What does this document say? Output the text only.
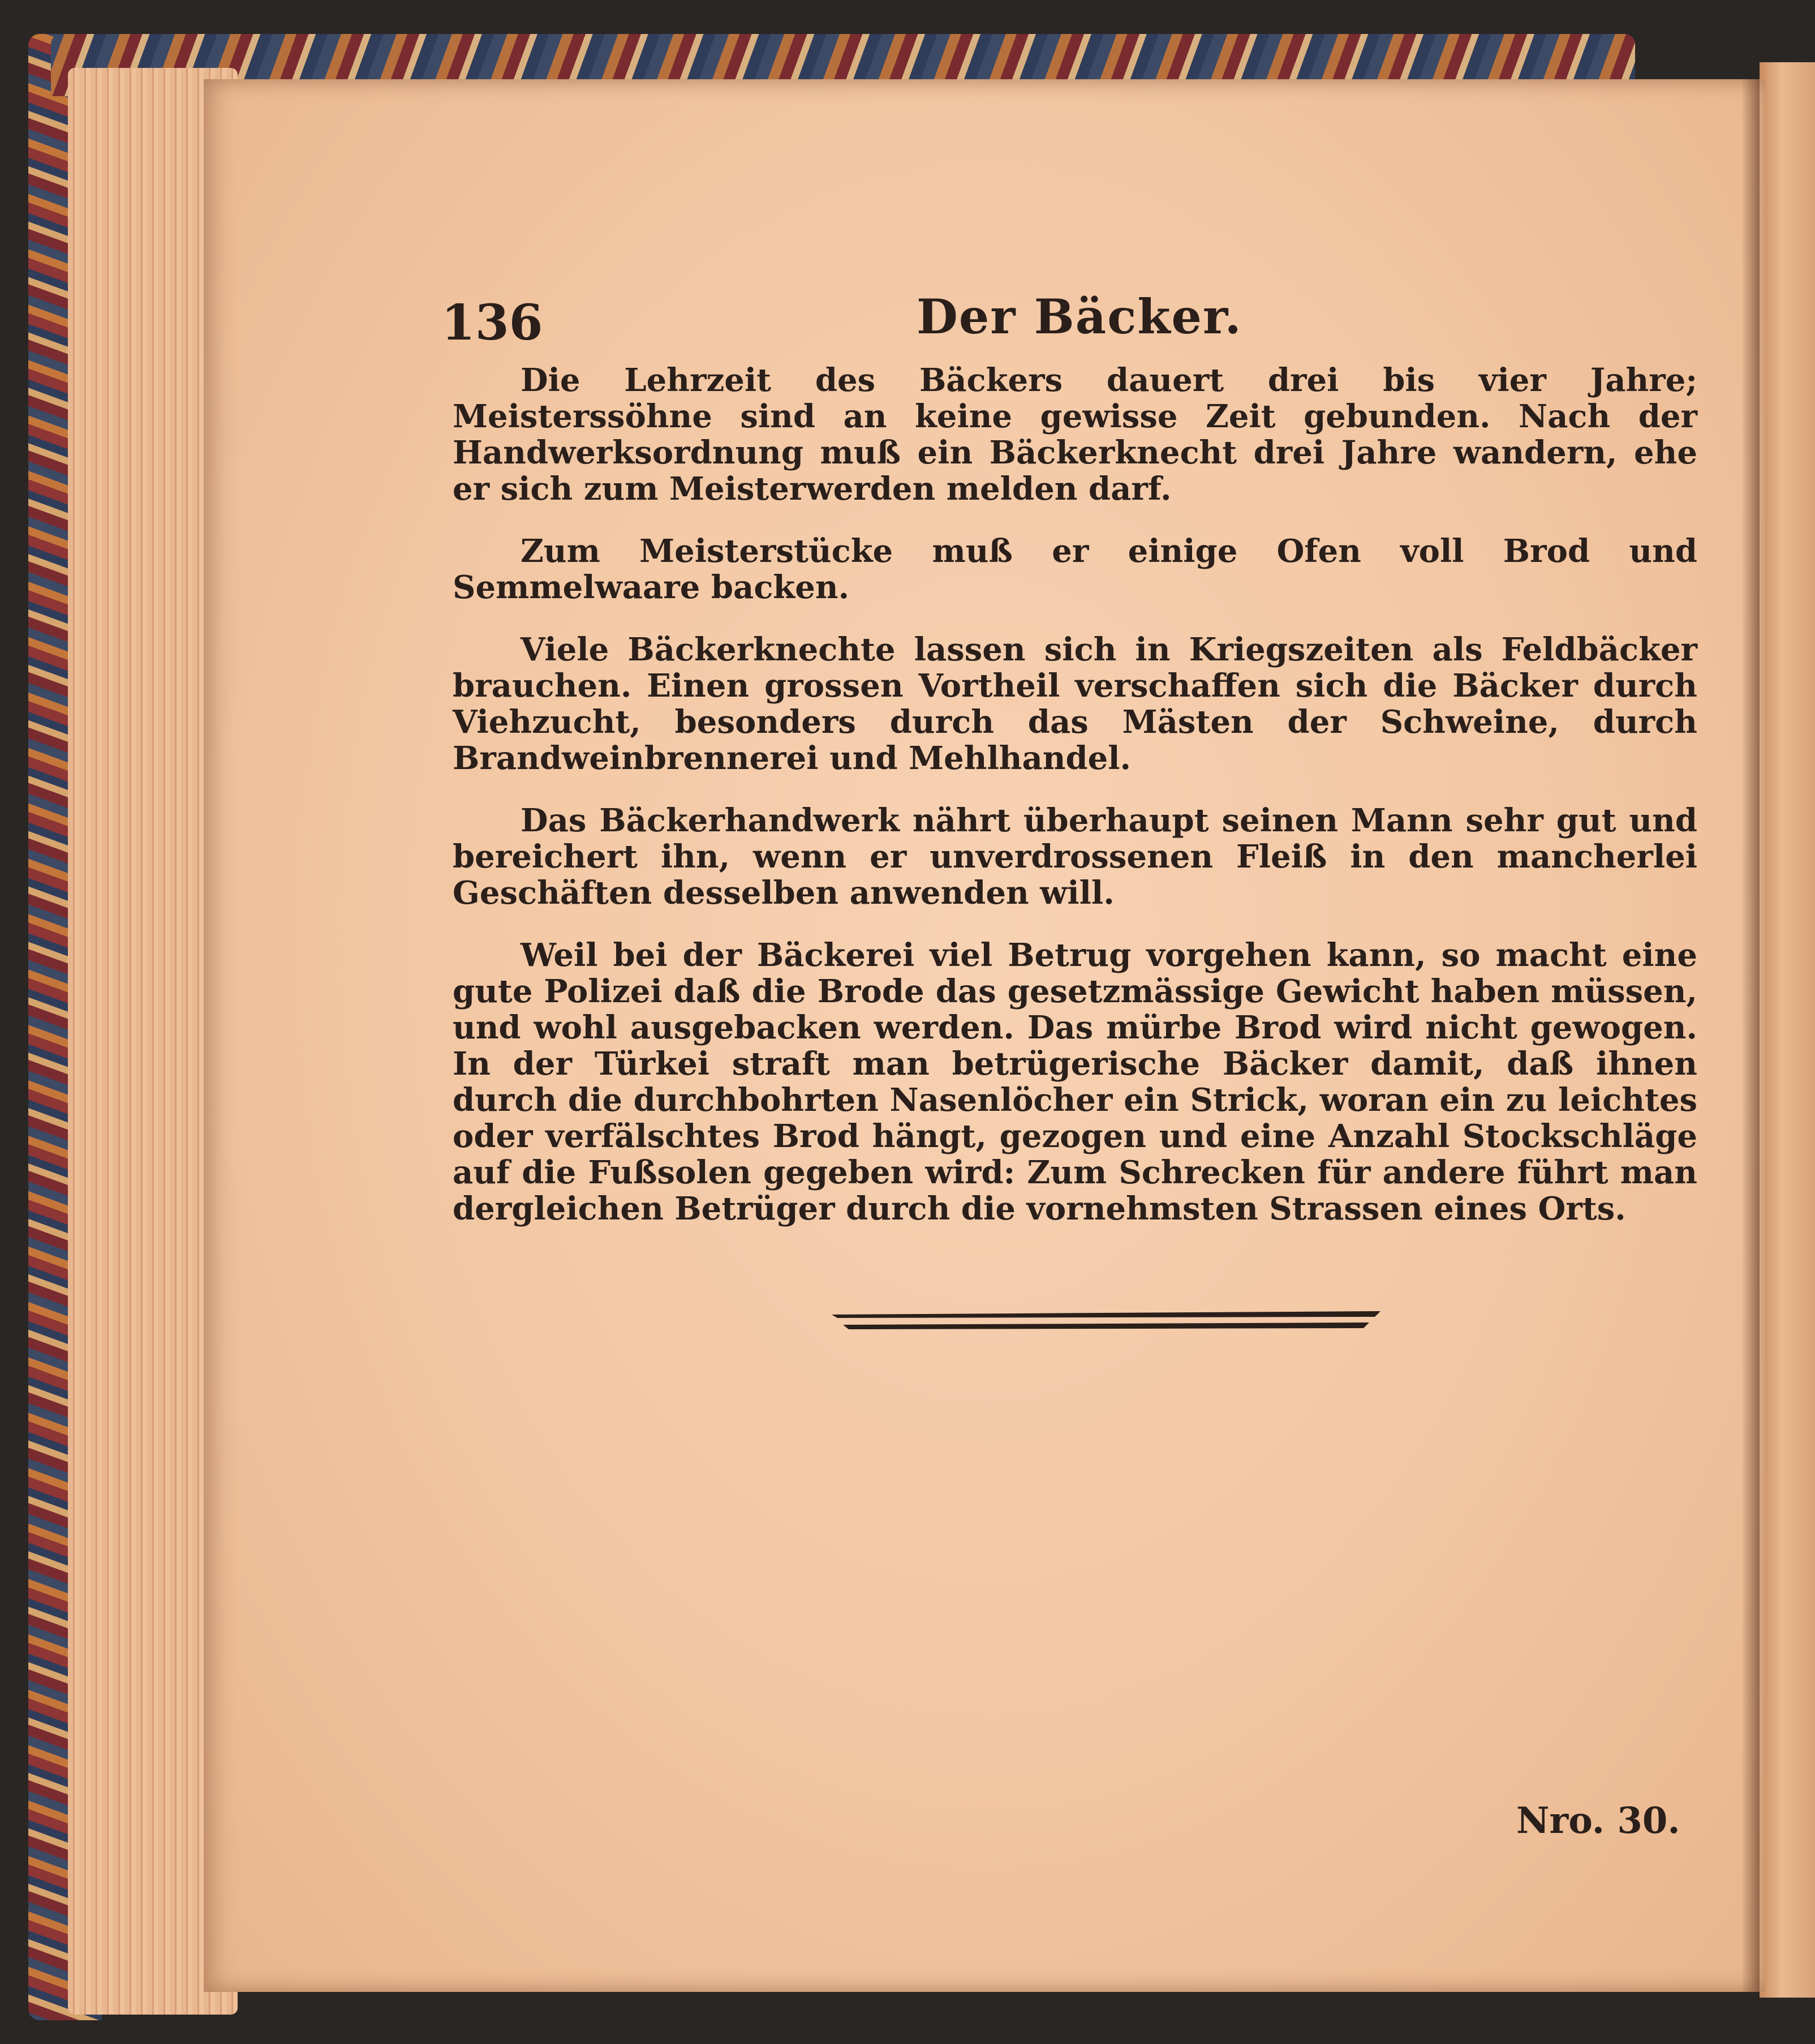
136	Der Bäcker.

Die Lehrzeit des Bäckers dauert drei bis vier Jahre; Meisterssöhne sind an keine gewisse Zeit gebunden. Nach der Handwerksordnung muß ein Bäckerknecht drei Jahre wandern, ehe er sich zum Meisterwerden melden darf.

Zum Meisterstücke muß er einige Ofen voll Brod und Semmelwaare backen.

Viele Bäckerknechte lassen sich in Kriegszeiten als Feldbäcker brauchen. Einen grossen Vortheil verschaffen sich die Bäcker durch Viehzucht, besonders durch das Mästen der Schweine, durch Brandweinbrennerei und Mehlhandel.

Das Bäckerhandwerk nährt überhaupt seinen Mann sehr gut und bereichert ihn, wenn er unverdrossenen Fleiß in den mancherlei Geschäften desselben anwenden will.

Weil bei der Bäckerei viel Betrug vorgehen kann, so macht eine gute Polizei daß die Brode das gesetzmässige Gewicht haben müssen, und wohl ausgebacken werden. Das mürbe Brod wird nicht gewogen. In der Türkei straft man betrügerische Bäcker damit, daß ihnen durch die durchbohrten Nasenlöcher ein Strick, woran ein zu leichtes oder verfälschtes Brod hängt, gezogen und eine Anzahl Stockschläge auf die Fußsolen gegeben wird: Zum Schrecken für andere führt man dergleichen Betrüger durch die vornehmsten Strassen eines Orts.

Nro. 30.
